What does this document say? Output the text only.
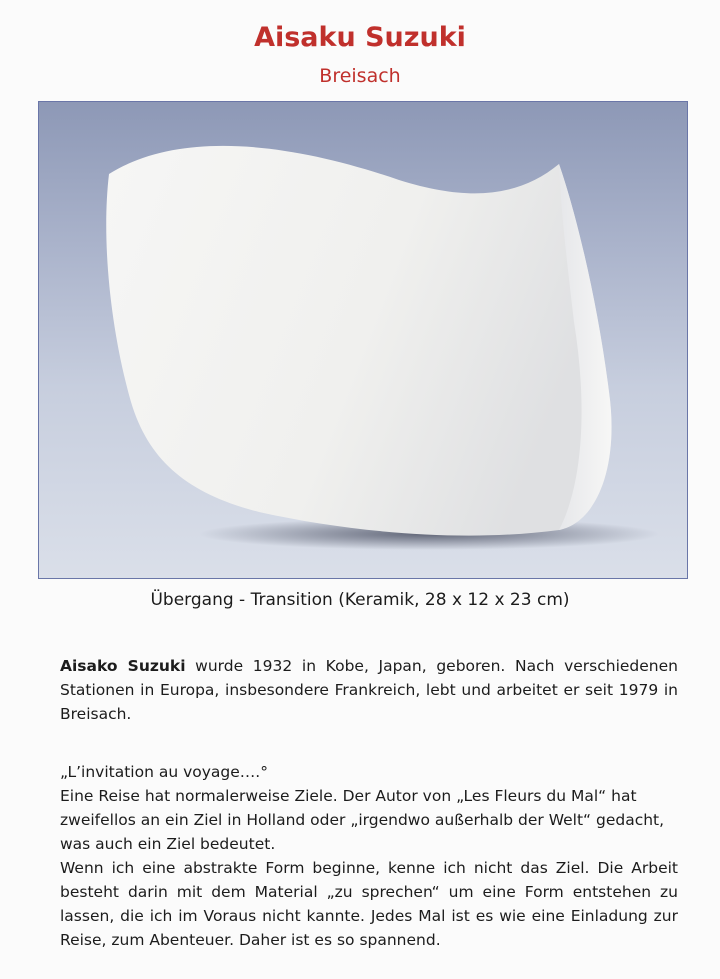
Aisaku Suzuki
Breisach
Übergang - Transition (Keramik, 28 x 12 x 23 cm)
Aisako Suzuki wurde 1932 in Kobe, Japan, geboren. Nach verschiedenen Stationen in Europa, insbesondere Frankreich, lebt und arbeitet er seit 1979 in Breisach.

„L’invitation au voyage….°

Eine Reise hat normalerweise Ziele. Der Autor von „Les Fleurs du Mal“ hat zweifellos an ein Ziel in Holland oder „irgendwo außerhalb der Welt“ gedacht, was auch ein Ziel bedeutet.

Wenn ich eine abstrakte Form beginne, kenne ich nicht das Ziel. Die Arbeit besteht darin mit dem Material „zu sprechen“ um eine Form entstehen zu lassen, die ich im Voraus nicht kannte. Jedes Mal ist es wie eine Einladung zur Reise, zum Abenteuer. Daher ist es so spannend.
